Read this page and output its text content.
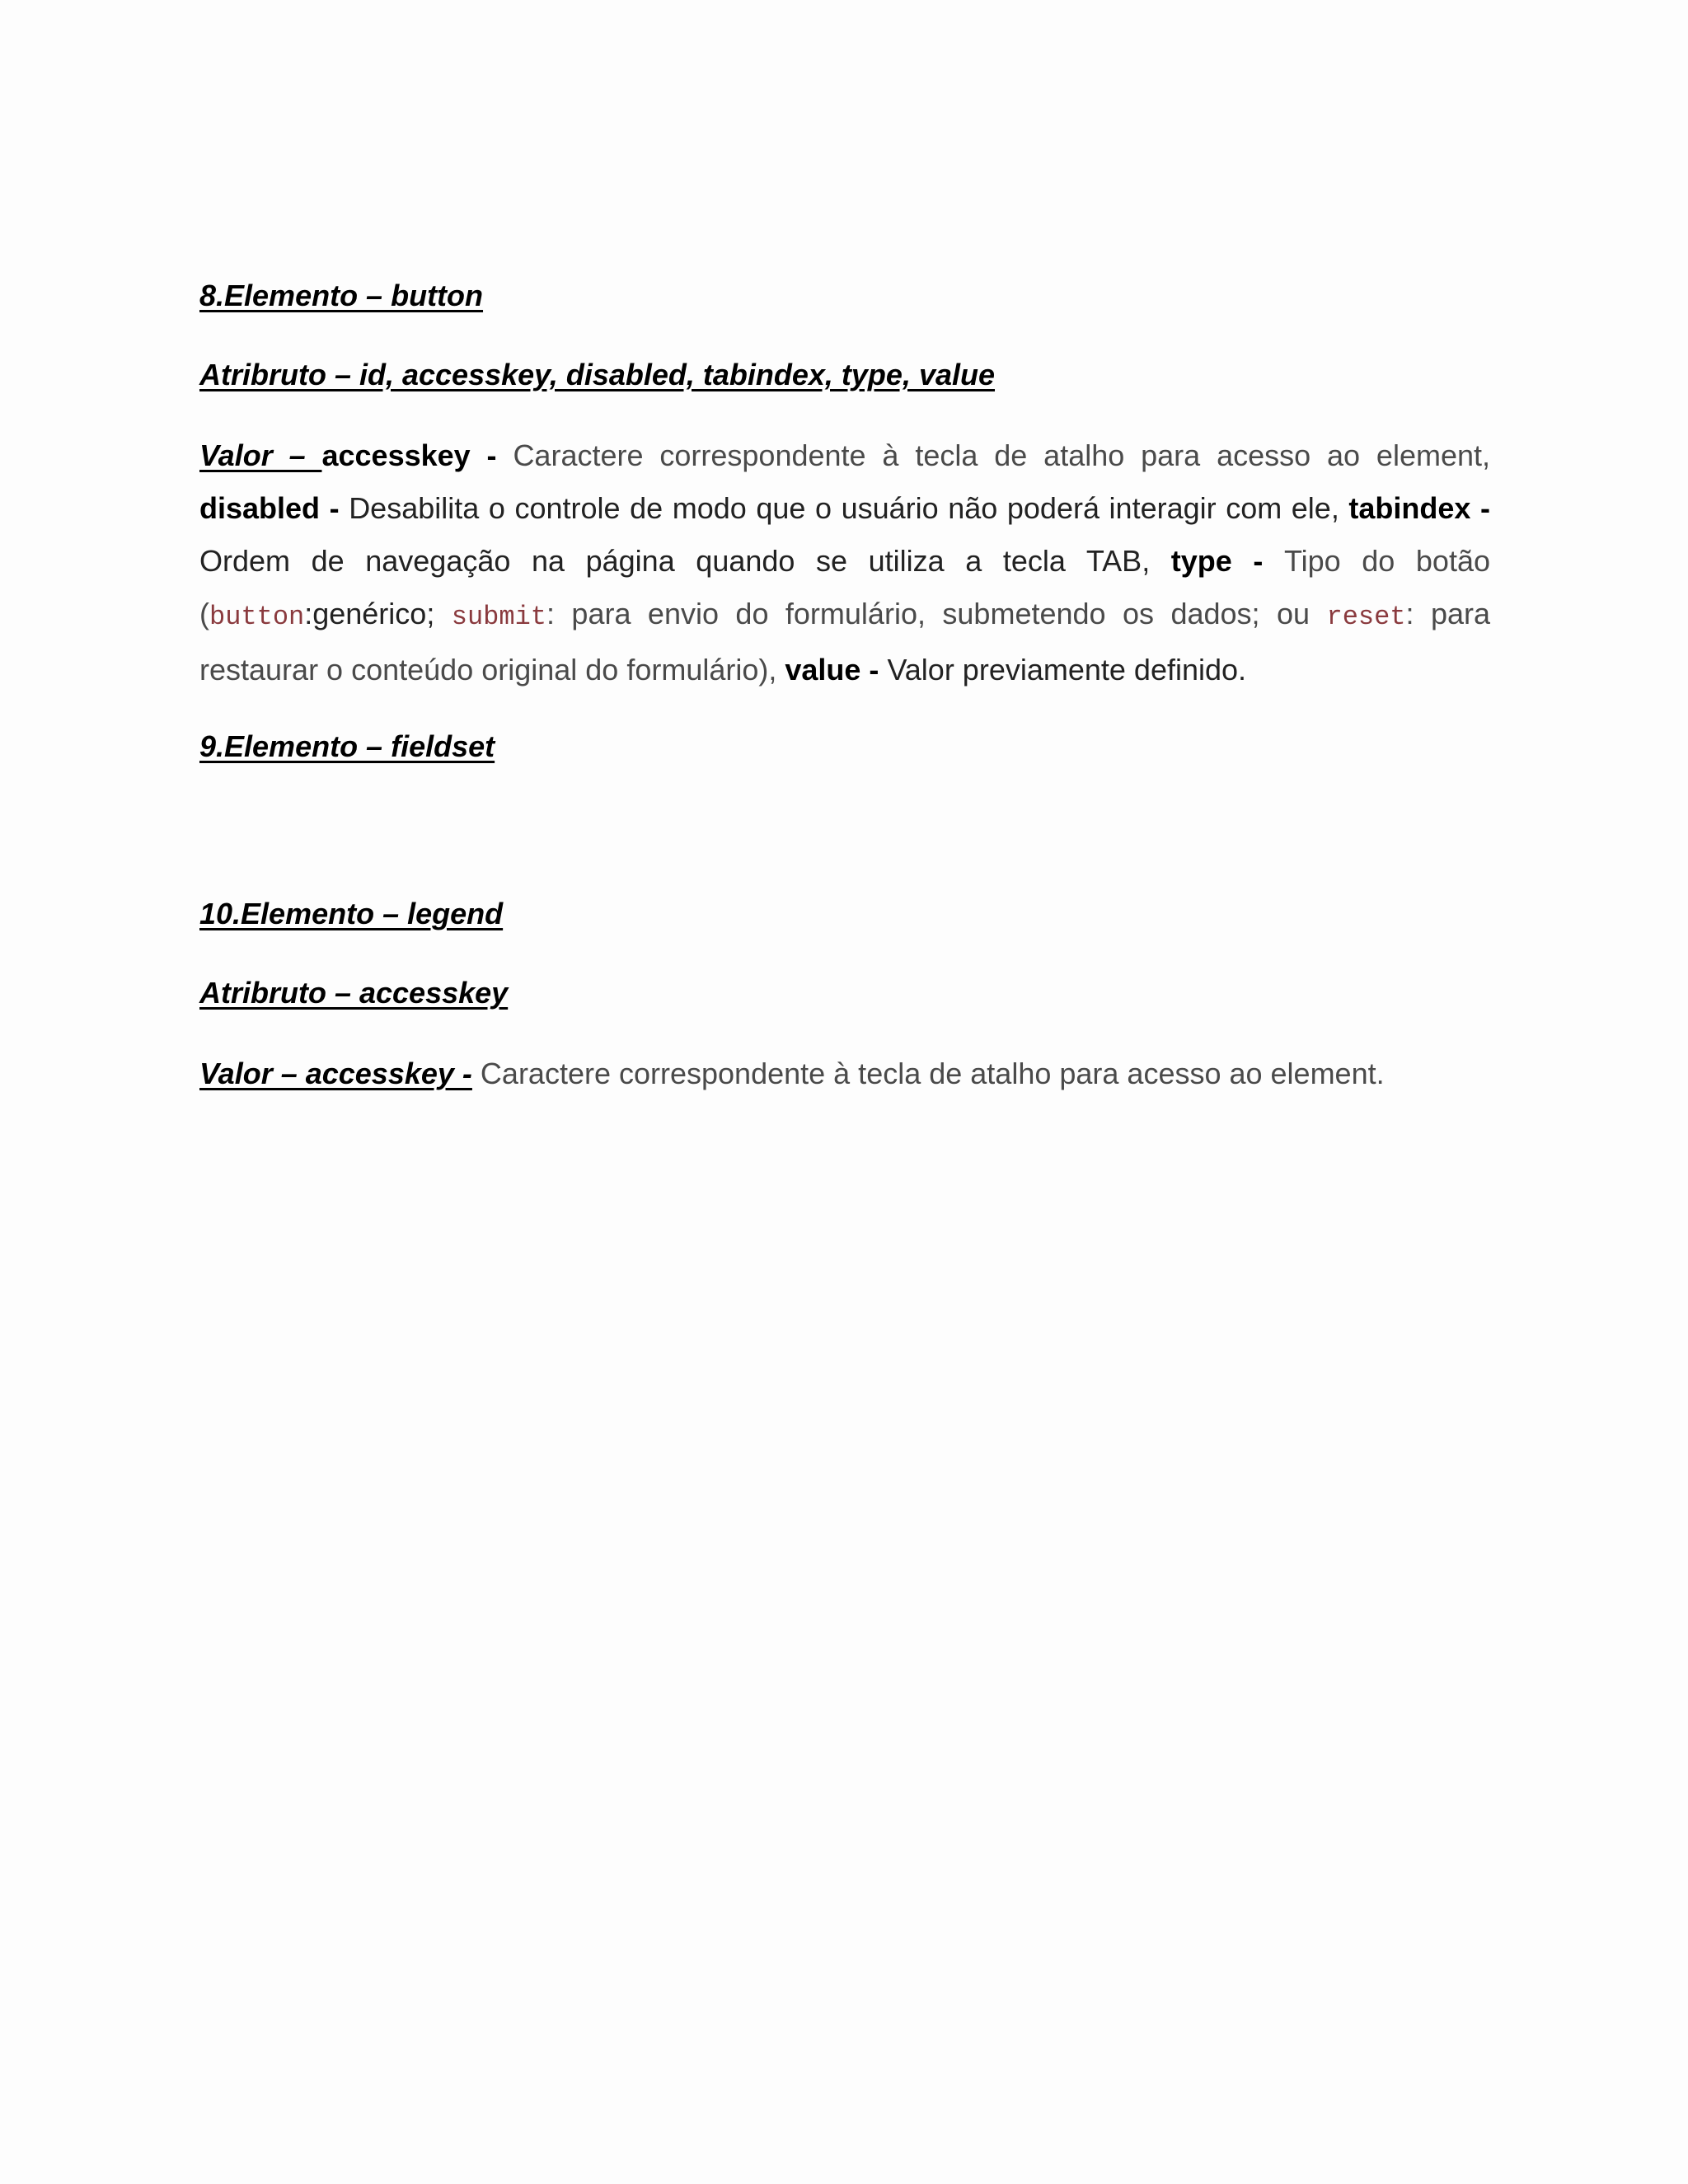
8.Elemento – button
Atribruto – id, accesskey, disabled, tabindex, type, value

Valor – accesskey - Caractere correspondente à tecla de atalho para acesso ao element, disabled - Desabilita o controle de modo que o usuário não poderá interagir com ele, tabindex - Ordem de navegação na página quando se utiliza a tecla TAB, type - Tipo do botão (button:genérico; submit: para envio do formulário, submetendo os dados; ou reset: para restaurar o conteúdo original do formulário), value - Valor previamente definido.

9.Elemento – fieldset
10.Elemento – legend
Atribruto – accesskey

Valor – accesskey - Caractere correspondente à tecla de atalho para acesso ao element.
